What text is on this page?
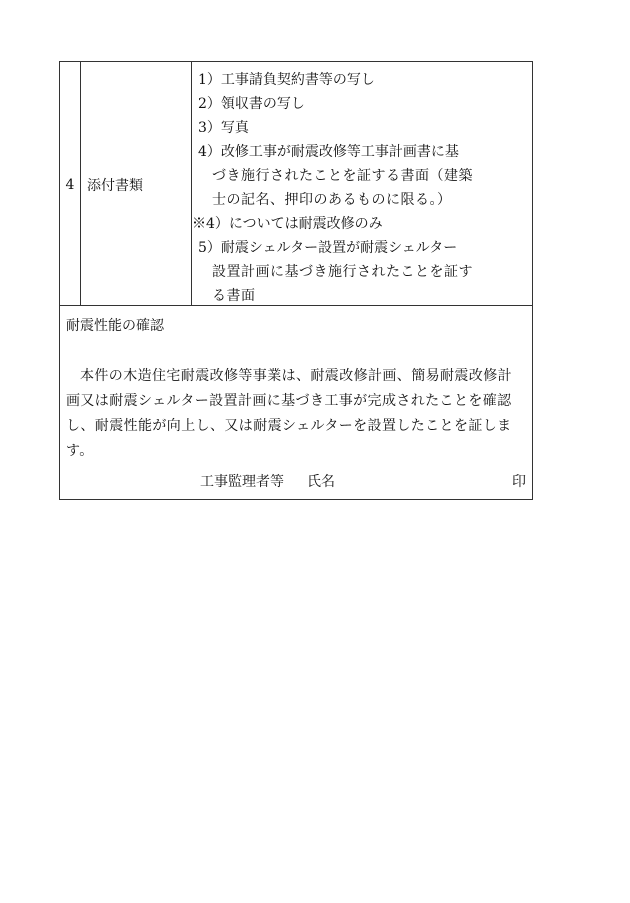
4 添付書類
1）工事請負契約書等の写し
2）領収書の写し
3）写真
4）改修工事が耐震改修等工事計画書に基
づき施行されたことを証する書面（建築
士の記名、押印のあるものに限る。）
※4）については耐震改修のみ
5）耐震シェルター設置が耐震シェルター
設置計画に基づき施行されたことを証す
る書面

耐震性能の確認

本件の木造住宅耐震改修等事業は、耐震改修計画、簡易耐震改修計画又は耐震シェルター設置計画に基づき工事が完成されたことを確認し、耐震性能が向上し、又は耐震シェルターを設置したことを証します。

工事監理者等 氏名	印
